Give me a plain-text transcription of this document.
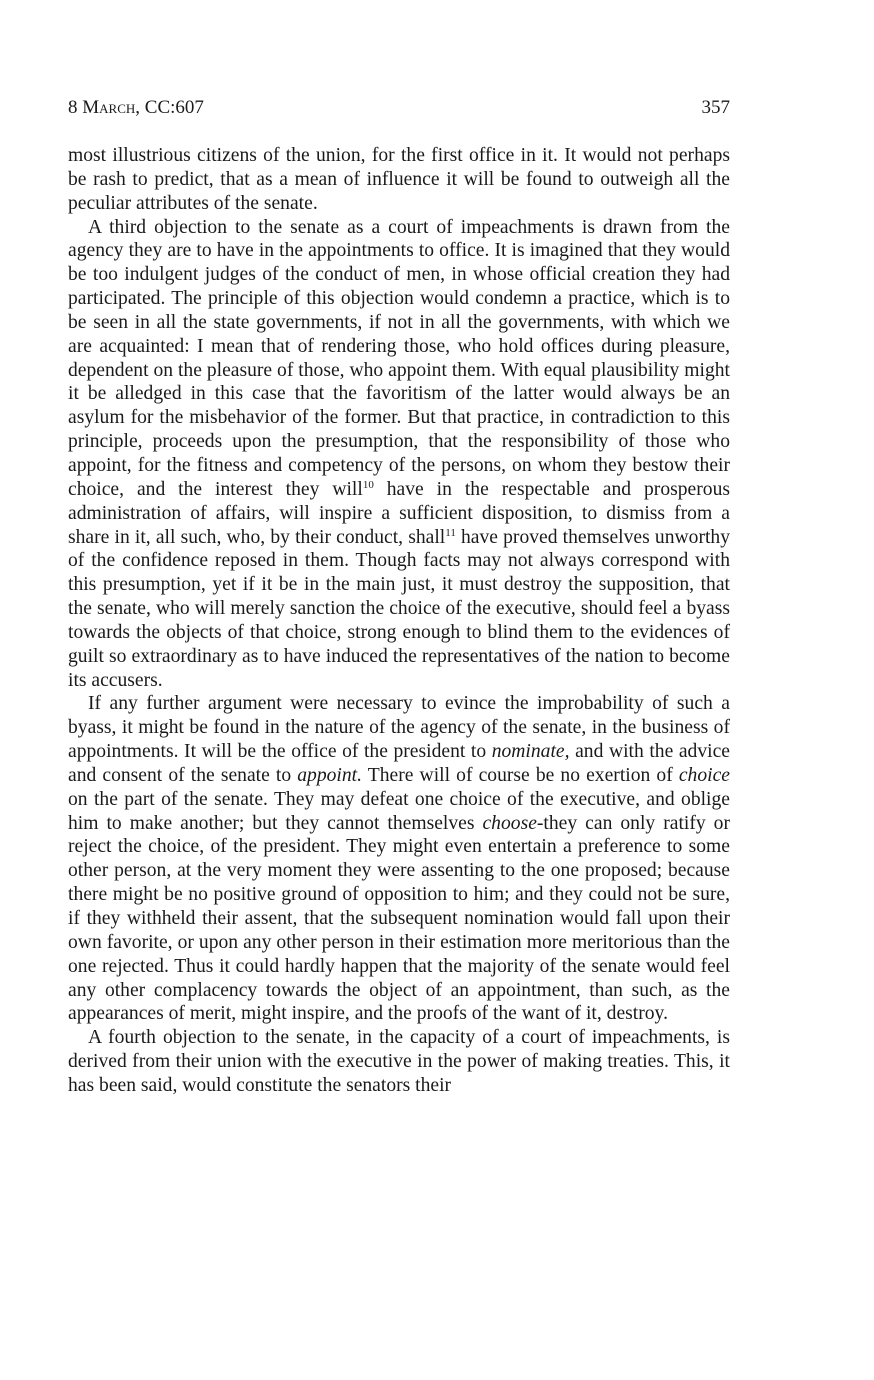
8 March, CC:607	357

most illustrious citizens of the union, for the first office in it. It would not perhaps be rash to predict, that as a mean of influence it will be found to outweigh all the peculiar attributes of the senate.

A third objection to the senate as a court of impeachments is drawn from the agency they are to have in the appointments to office. It is imagined that they would be too indulgent judges of the conduct of men, in whose official creation they had participated. The principle of this objection would condemn a practice, which is to be seen in all the state governments, if not in all the governments, with which we are acquainted: I mean that of rendering those, who hold offices during pleasure, dependent on the pleasure of those, who appoint them. With equal plausibility might it be alledged in this case that the favoritism of the latter would always be an asylum for the misbehavior of the former. But that practice, in contradiction to this principle, proceeds upon the presumption, that the responsibility of those who appoint, for the fitness and competency of the persons, on whom they bestow their choice, and the interest they will$^{10}$ have in the respectable and prosperous administration of affairs, will inspire a sufficient disposition, to dismiss from a share in it, all such, who, by their conduct, shall$^{11}$ have proved themselves unworthy of the confidence reposed in them. Though facts may not always correspond with this presumption, yet if it be in the main just, it must destroy the supposition, that the senate, who will merely sanction the choice of the executive, should feel a byass towards the objects of that choice, strong enough to blind them to the evidences of guilt so extraordinary as to have induced the representatives of the nation to become its accusers.

If any further argument were necessary to evince the improbability of such a byass, it might be found in the nature of the agency of the senate, in the business of appointments. It will be the office of the president to nominate, and with the advice and consent of the senate to appoint. There will of course be no exertion of choice on the part of the senate. They may defeat one choice of the executive, and oblige him to make another; but they cannot themselves choose-they can only ratify or reject the choice, of the president. They might even entertain a preference to some other person, at the very moment they were assenting to the one proposed; because there might be no positive ground of opposition to him; and they could not be sure, if they withheld their assent, that the subsequent nomination would fall upon their own favorite, or upon any other person in their estimation more meritorious than the one rejected. Thus it could hardly happen that the majority of the senate would feel any other complacency towards the object of an appointment, than such, as the appearances of merit, might inspire, and the proofs of the want of it, destroy.

A fourth objection to the senate, in the capacity of a court of impeachments, is derived from their union with the executive in the power of making treaties. This, it has been said, would constitute the senators their
